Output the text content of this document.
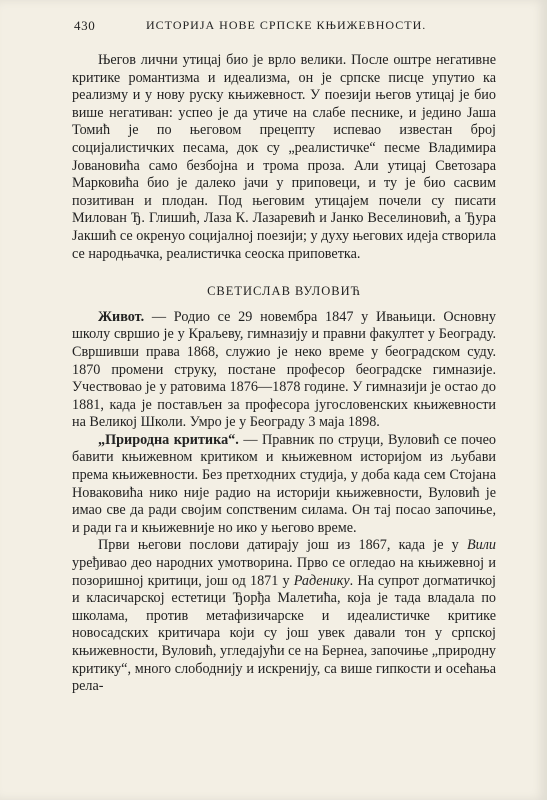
430	ИСТОРИЈА НОВЕ СРПСКЕ КЊИЖЕВНОСТИ.

Његов лични утицај био је врло велики. После оштре негативне критике романтизма и идеализма, он је српске писце упутио ка реализму и у нову руску књижевност. У поезији његов утицај је био више негативан: успео је да утиче на слабе песнике, и једино Јаша Томић је по његовом прецепту испевао известан број социјалистичких песама, док су „реалистичке“ песме Владимира Јовановића само безбојна и трома проза. Али утицај Светозара Марковића био је далеко јачи у приповеци, и ту је био сасвим позитиван и плодан. Под његовим утицајем почели су писати Милован Ђ. Глишић, Лаза К. Лазаревић и Јанко Веселиновић, а Ђура Јакшић се окренуо социјалној поезији; у духу његових идеја створила се народњачка, реалистичка сеоска приповетка.

СВЕТИСЛАВ ВУЛОВИЋ

Живот. — Родио се 29 новембра 1847 у Ивањици. Основну школу свршио је у Краљеву, гимназију и правни факултет у Београду. Свршивши права 1868, служио је неко време у београдском суду. 1870 промени струку, постане професор београдске гимназије. Учествовао је у ратовима 1876—1878 године. У гимназији је остао до 1881, када је постављен за професора југословенских књижевности на Великој Школи. Умро је у Београду 3 маја 1898.

„Природна критика“. — Правник по струци, Вуловић се почео бавити књижевном критиком и књижевном историјом из љубави према књижевности. Без претходних студија, у доба када сем Стојана Новаковића нико није радио на историји књижевности, Вуловић је имао све да ради својим сопственим силама. Он тај посао започиње, и ради га и књижевније но ико у његово време.

Први његови послови датирају још из 1867, када је у Вили уређивао део народних умотворина. Прво се огледао на књижевној и позоришној критици, још од 1871 у Раденику. На супрот догматичкој и класичарској естетици Ђорђа Малетића, која је тада владала по школама, против метафизичарске и идеалистичке критике новосадских критичара који су још увек давали тон у српској књижевности, Вуловић, угледајући се на Бернеа, започиње „природну критику“, много слободнију и искренију, са више гипкости и осећања рела-
